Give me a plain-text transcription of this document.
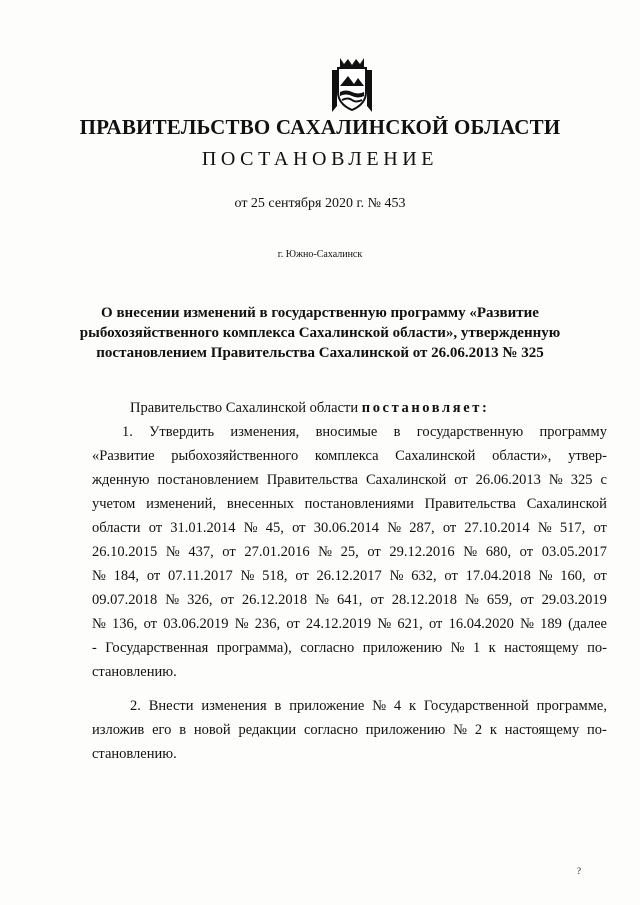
ПРАВИТЕЛЬСТВО САХАЛИНСКОЙ ОБЛАСТИ
ПОСТАНОВЛЕНИЕ
от 25 сентября 2020 г. № 453
г. Южно-Сахалинск
О внесении изменений в государственную программу «Развитие
рыбохозяйственного комплекса Сахалинской области», утвержденную
постановлением Правительства Сахалинской от 26.06.2013 № 325
Правительство Сахалинской области постановляет:
1. Утвердить изменения, вносимые в государственную программу
«Развитие рыбохозяйственного комплекса Сахалинской области», утвер-
жденную постановлением Правительства Сахалинской от 26.06.2013 № 325 с
учетом изменений, внесенных постановлениями Правительства Сахалинской
области от 31.01.2014 № 45, от 30.06.2014 № 287, от 27.10.2014 № 517, от
26.10.2015 № 437, от 27.01.2016 № 25, от 29.12.2016 № 680, от 03.05.2017
№ 184, от 07.11.2017 № 518, от 26.12.2017 № 632, от 17.04.2018 № 160, от
09.07.2018 № 326, от 26.12.2018 № 641, от 28.12.2018 № 659, от 29.03.2019
№ 136, от 03.06.2019 № 236, от 24.12.2019 № 621, от 16.04.2020 № 189 (далее
- Государственная программа), согласно приложению № 1 к настоящему по-
становлению.
2. Внести изменения в приложение № 4 к Государственной программе,
изложив его в новой редакции согласно приложению № 2 к настоящему по-
становлению.
?
